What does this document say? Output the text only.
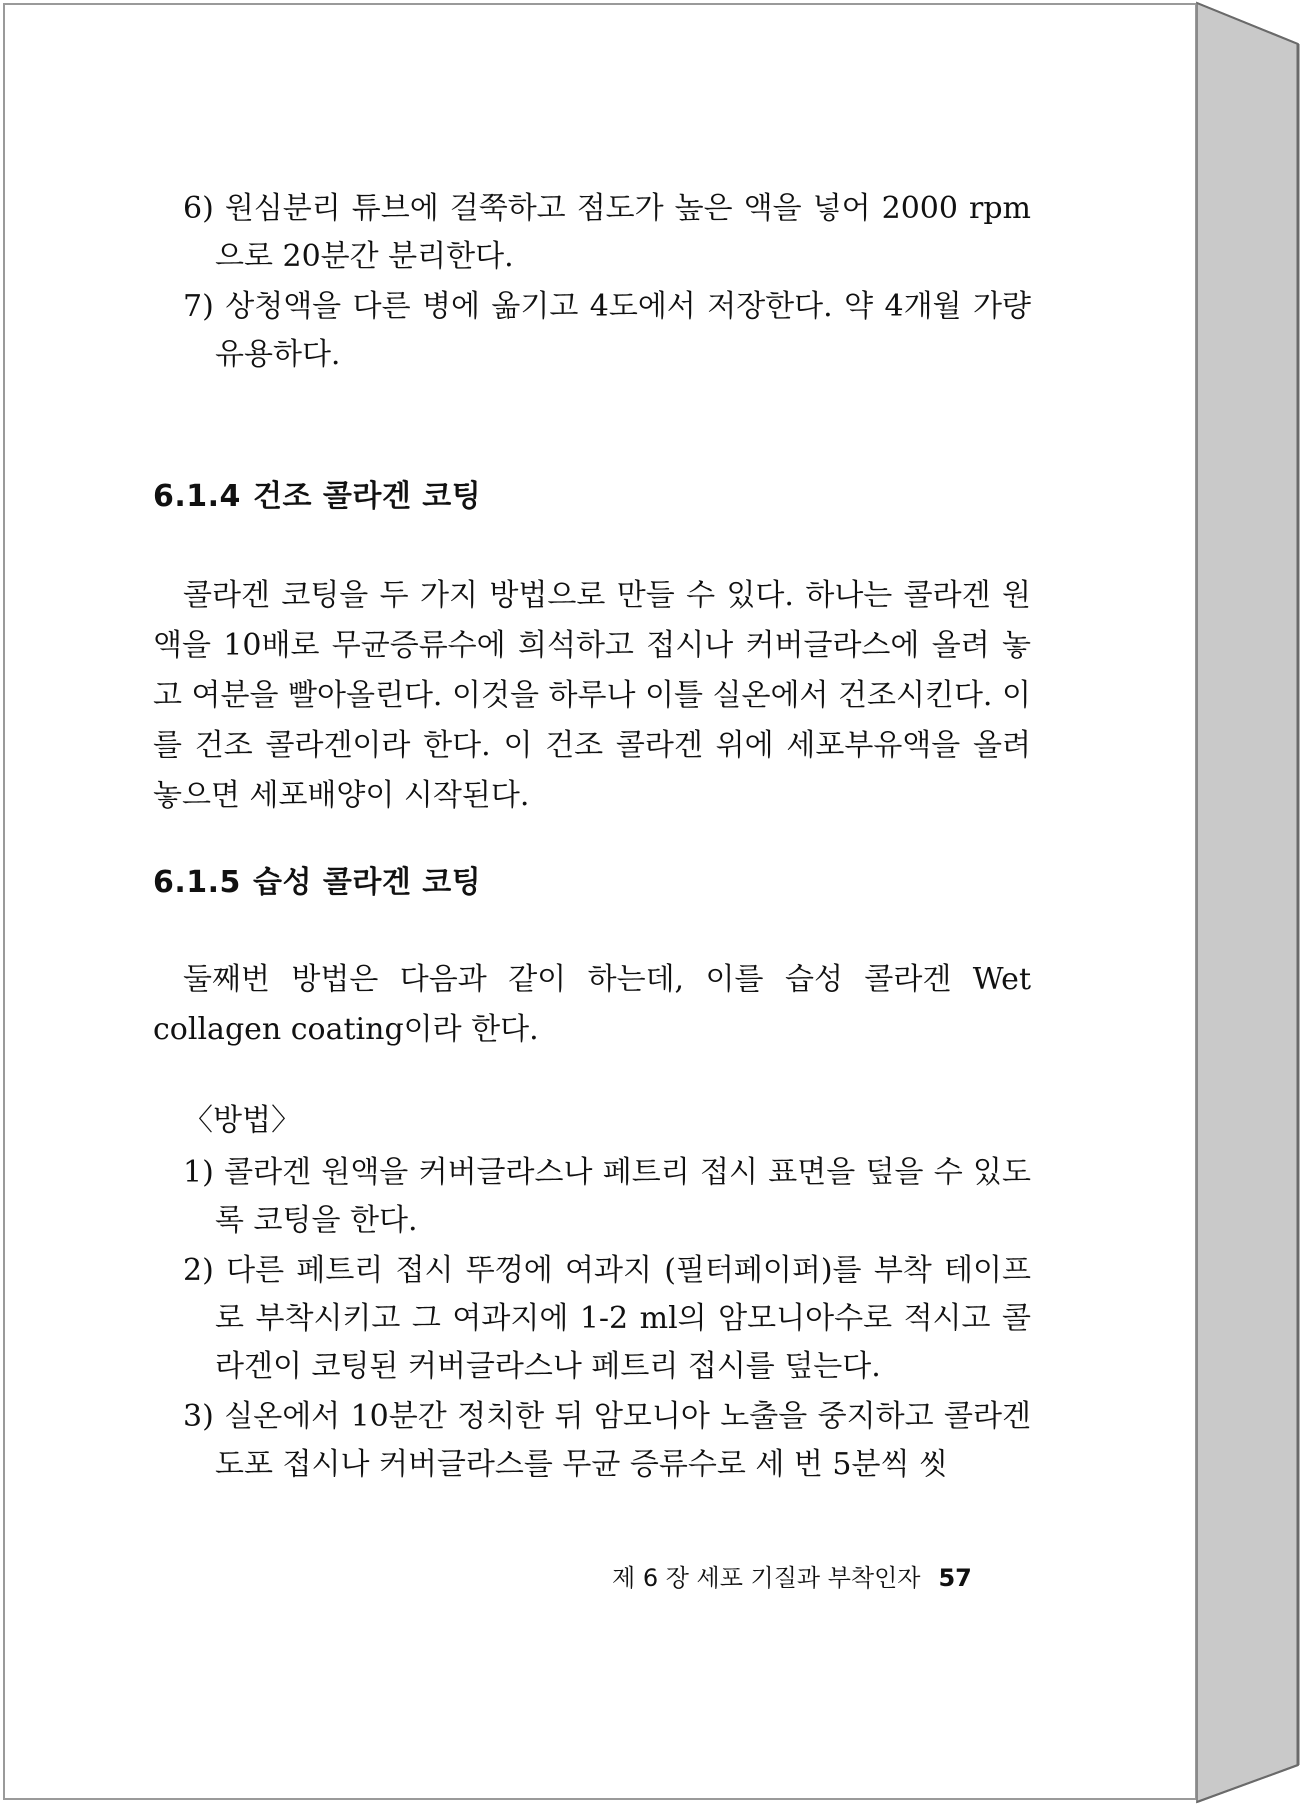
6) 원심분리 튜브에 걸쭉하고 점도가 높은 액을 넣어 2000 rpm으로 20분간 분리한다.

7) 상청액을 다른 병에 옮기고 4도에서 저장한다. 약 4개월 가량 유용하다.

6.1.4 건조 콜라겐 코팅

콜라겐 코팅을 두 가지 방법으로 만들 수 있다. 하나는 콜라겐 원액을 10배로 무균증류수에 희석하고 접시나 커버글라스에 올려 놓고 여분을 빨아올린다. 이것을 하루나 이틀 실온에서 건조시킨다. 이를 건조 콜라겐이라 한다. 이 건조 콜라겐 위에 세포부유액을 올려 놓으면 세포배양이 시작된다.

6.1.5 습성 콜라겐 코팅

둘째번 방법은 다음과 같이 하는데, 이를 습성 콜라겐 Wet collagen coating이라 한다.

〈방법〉

1) 콜라겐 원액을 커버글라스나 페트리 접시 표면을 덮을 수 있도록 코팅을 한다.

2) 다른 페트리 접시 뚜껑에 여과지 (필터페이퍼)를 부착 테이프로 부착시키고 그 여과지에 1-2 ml의 암모니아수로 적시고 콜라겐이 코팅된 커버글라스나 페트리 접시를 덮는다.

3) 실온에서 10분간 정치한 뒤 암모니아 노출을 중지하고 콜라겐 도포 접시나 커버글라스를 무균 증류수로 세 번 5분씩 씻

제 6 장 세포 기질과 부착인자 57
